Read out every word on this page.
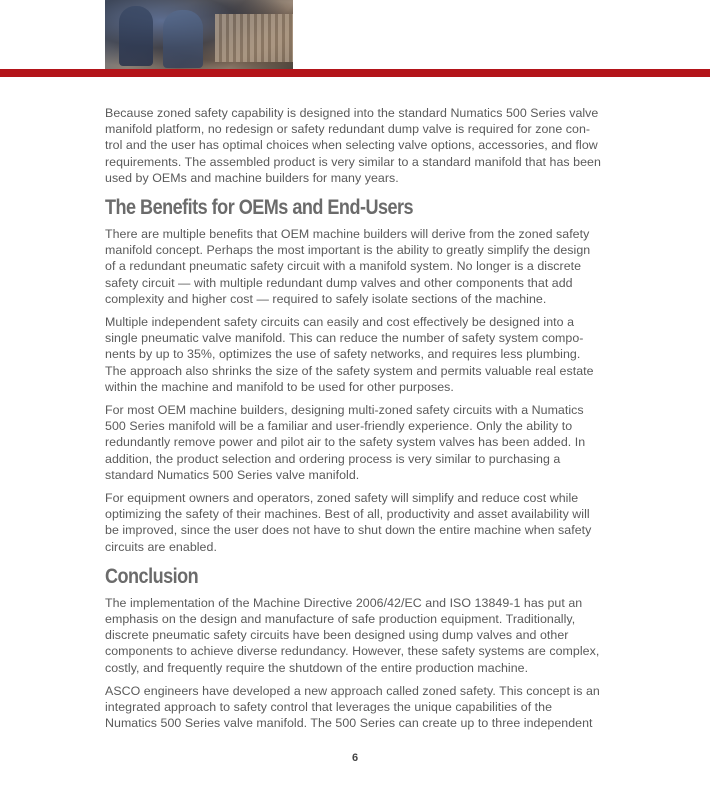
Because zoned safety capability is designed into the standard Numatics 500 Series valve manifold platform, no redesign or safety redundant dump valve is required for zone con-trol and the user has optimal choices when selecting valve options, accessories, and flow requirements. The assembled product is very similar to a standard manifold that has been used by OEMs and machine builders for many years.

The Benefits for OEMs and End-Users

There are multiple benefits that OEM machine builders will derive from the zoned safety manifold concept. Perhaps the most important is the ability to greatly simplify the design of a redundant pneumatic safety circuit with a manifold system. No longer is a discrete safety circuit — with multiple redundant dump valves and other components that add complexity and higher cost — required to safely isolate sections of the machine.

Multiple independent safety circuits can easily and cost effectively be designed into a single pneumatic valve manifold. This can reduce the number of safety system compo-nents by up to 35%, optimizes the use of safety networks, and requires less plumbing. The approach also shrinks the size of the safety system and permits valuable real estate within the machine and manifold to be used for other purposes.

For most OEM machine builders, designing multi-zoned safety circuits with a Numatics 500 Series manifold will be a familiar and user-friendly experience. Only the ability to redundantly remove power and pilot air to the safety system valves has been added. In addition, the product selection and ordering process is very similar to purchasing a standard Numatics 500 Series valve manifold.

For equipment owners and operators, zoned safety will simplify and reduce cost while optimizing the safety of their machines. Best of all, productivity and asset availability will be improved, since the user does not have to shut down the entire machine when safety circuits are enabled.

Conclusion

The implementation of the Machine Directive 2006/42/EC and ISO 13849-1 has put an emphasis on the design and manufacture of safe production equipment. Traditionally, discrete pneumatic safety circuits have been designed using dump valves and other components to achieve diverse redundancy. However, these safety systems are complex, costly, and frequently require the shutdown of the entire production machine.

ASCO engineers have developed a new approach called zoned safety. This concept is an integrated approach to safety control that leverages the unique capabilities of the Numatics 500 Series valve manifold. The 500 Series can create up to three independent

6
